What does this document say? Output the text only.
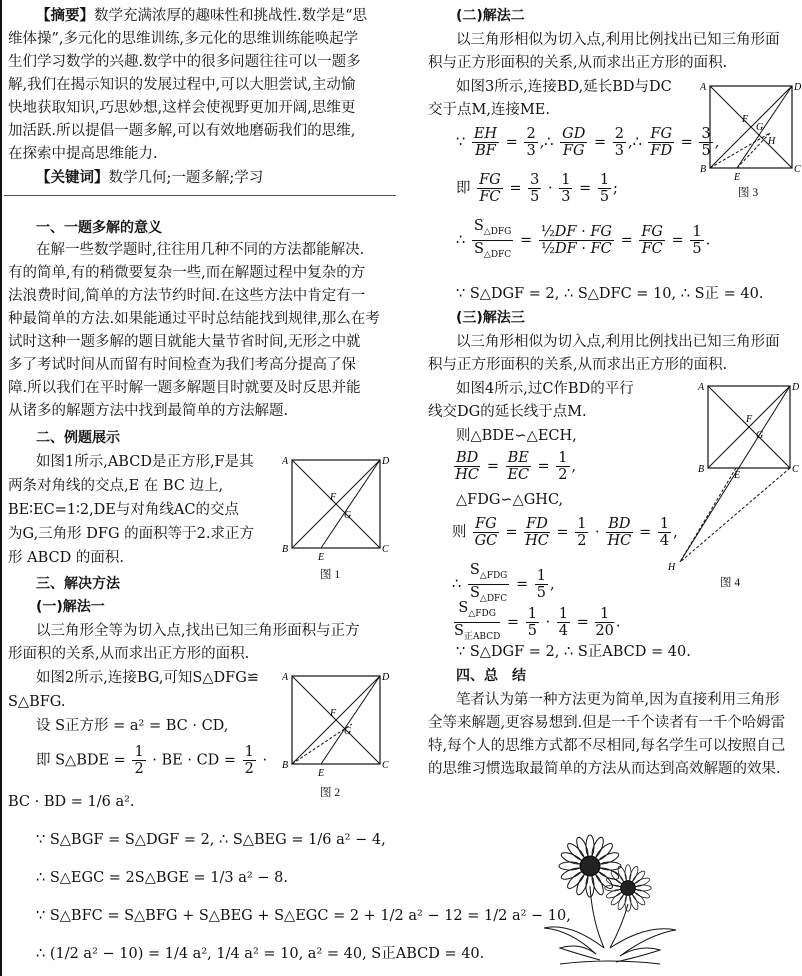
【摘要】数学充满浓厚的趣味性和挑战性.数学是“思
维体操”,多元化的思维训练,多元化的思维训练能唤起学
生们学习数学的兴趣.数学中的很多问题往往可以一题多
解,我们在揭示知识的发展过程中,可以大胆尝试,主动愉
快地获取知识,巧思妙想,这样会使视野更加开阔,思维更
加活跃.所以提倡一题多解,可以有效地磨砺我们的思维,
在探索中提高思维能力.
【关键词】数学几何;一题多解;学习
一、一题多解的意义
在解一些数学题时,往往用几种不同的方法都能解决.
有的简单,有的稍微要复杂一些,而在解题过程中复杂的方
法浪费时间,简单的方法节约时间.在这些方法中肯定有一
种最简单的方法.如果能通过平时总结能找到规律,那么在考
试时这种一题多解的题目就能大量节省时间,无形之中就
多了考试时间从而留有时间检查为我们考高分提高了保
障.所以我们在平时解一题多解题目时就要及时反思并能
从诸多的解题方法中找到最简单的方法解题.
二、例题展示
如图1所示,ABCD是正方形,F是其
两条对角线的交点,E 在 BC 边上,
BE∶EC=1∶2,DE与对角线AC的交点
为G,三角形 DFG 的面积等于2.求正方
形 ABCD 的面积.
A	D
B	C
F
G
E
图 1
三、解决方法
(一)解法一
以三角形全等为切入点,找出已知三角形面积与正方
形面积的关系,从而求出正方形的面积.
如图2所示,连接BG,可知S△DFG≌
S△BFG.
设 S正方形 = a² = BC · CD,
即 S△BDE = $\frac{1}{2}$ · BE · CD = $\frac{1}{2}$ ·
BC · BD = 1/6 a².
A	D
B	C
F
G
E
图 2
∵ S△BGF = S△DGF = 2, ∴ S△BEG = 1/6 a² − 4,
∴ S△EGC = 2S△BGE = 1/3 a² − 8.
∵ S△BFC = S△BFG + S△BEG + S△EGC = 2 + 1/2 a² − 12 = 1/2 a² − 10,
∴ (1/2 a² − 10) = 1/4 a², 1/4 a² = 10, a² = 40, S正ABCD = 40.
(二)解法二
以三角形相似为切入点,利用比例找出已知三角形面
积与正方形面积的关系,从而求出正方形的面积.
如图3所示,连接BD,延长BD与DC
交于点M,连接ME.
∵ $\frac{EH}{BF} = \frac{2}{3}$ ,∴ $\frac{GD}{FG} = \frac{2}{3}$ ,∴ $\frac{FG}{FD} = \frac{3}{5}$ ,
即 $\frac{FG}{FC} = \frac{3}{5} \cdot \frac{1}{3} = \frac{1}{5}$ ;
∴ $\frac{S_{\triangle DFG}}{S_{\triangle DFC}} = \frac{\text{½DF · FG}}{\text{½DF · FC}} = \frac{FG}{FC} = \frac{1}{5}$ .
∵ S△DGF = 2, ∴ S△DFC = 10, ∴ S正 = 40.
A	D
B	C
F
G
H
E
图 3
(三)解法三
以三角形相似为切入点,利用比例找出已知三角形面
积与正方形面积的关系,从而求出正方形的面积.
如图4所示,过C作BD的平行
线交DG的延长线于点M.
则△BDE∽△ECH,
$\frac{BD}{HC} = \frac{BE}{EC} = \frac{1}{2}$ ,
△FDG∽△GHC,
则 $\frac{FG}{GC} = \frac{FD}{HC} = \frac{1}{2} \cdot \frac{BD}{HC} = \frac{1}{4}$ ,
∴ $\frac{S_{\triangle FDG}}{S_{\triangle DFC}} = \frac{1}{5}$ ,
$\frac{S_{\triangle FDG}}{S_{正ABCD}} = \frac{1}{5} \cdot \frac{1}{4} = \frac{1}{20}$ .
∵ S△DGF = 2, ∴ S正ABCD = 40.
A	D
B	C
F
G
E
H
图 4
四、总　结
笔者认为第一种方法更为简单,因为直接利用三角形
全等来解题,更容易想到.但是一千个读者有一千个哈姆雷
特,每个人的思维方式都不尽相同,每名学生可以按照自己
的思维习惯选取最简单的方法从而达到高效解题的效果.
